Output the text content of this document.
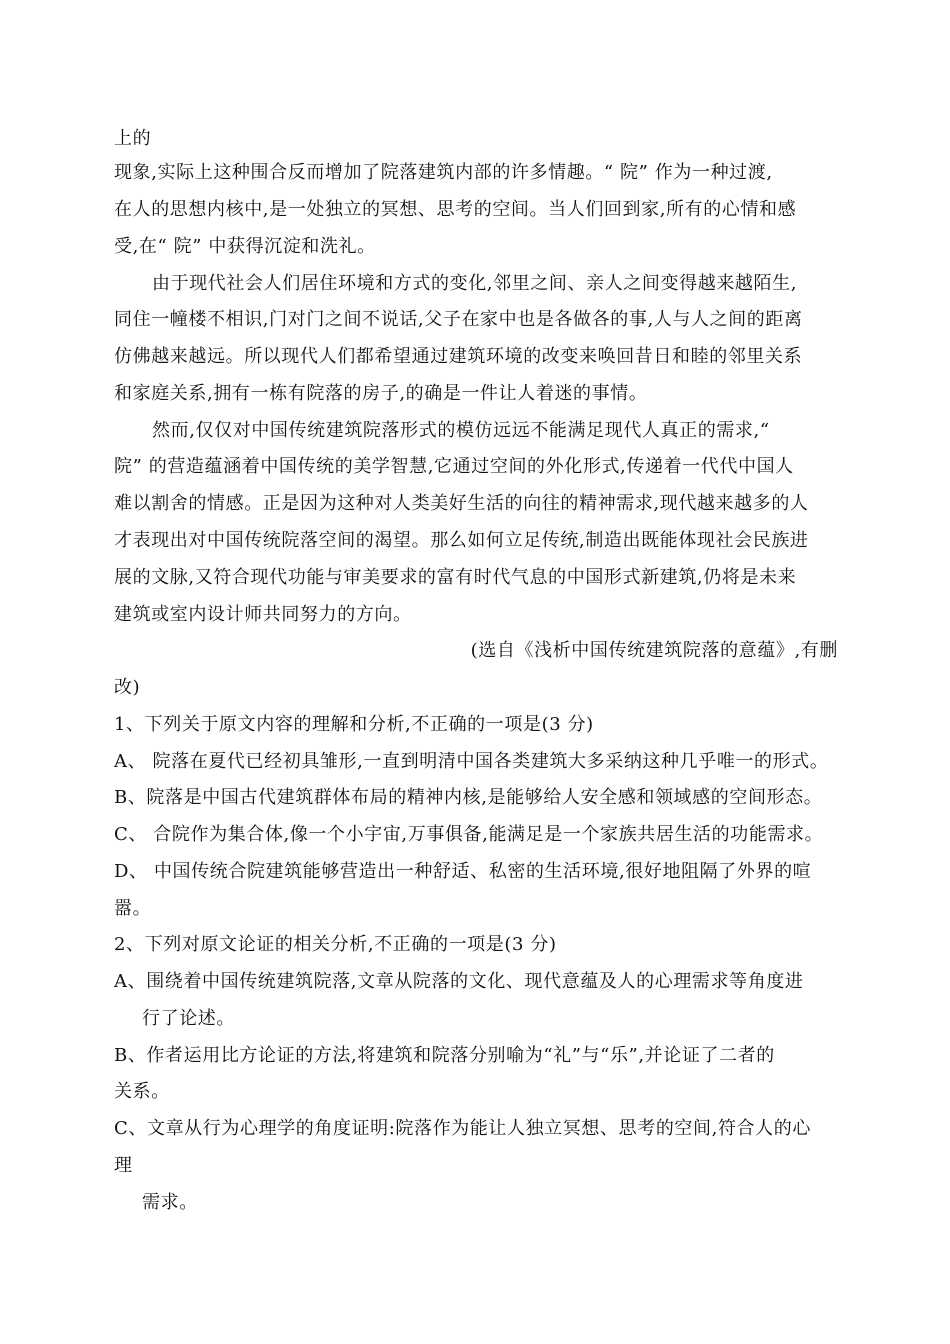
上的
现象,实际上这种围合反而增加了院落建筑内部的许多情趣。“ 院” 作为一种过渡,
在人的思想内核中,是一处独立的冥想、思考的空间。当人们回到家,所有的心情和感
受,在“ 院” 中获得沉淀和洗礼。
由于现代社会人们居住环境和方式的变化,邻里之间、亲人之间变得越来越陌生,
同住一幢楼不相识,门对门之间不说话,父子在家中也是各做各的事,人与人之间的距离
仿佛越来越远。所以现代人们都希望通过建筑环境的改变来唤回昔日和睦的邻里关系
和家庭关系,拥有一栋有院落的房子,的确是一件让人着迷的事情。
然而,仅仅对中国传统建筑院落形式的模仿远远不能满足现代人真正的需求,“
院” 的营造蕴涵着中国传统的美学智慧,它通过空间的外化形式,传递着一代代中国人
难以割舍的情感。正是因为这种对人类美好生活的向往的精神需求,现代越来越多的人
才表现出对中国传统院落空间的渴望。那么如何立足传统,制造出既能体现社会民族进
展的文脉,又符合现代功能与审美要求的富有时代气息的中国形式新建筑,仍将是未来
建筑或室内设计师共同努力的方向。
(选自《浅析中国传统建筑院落的意蕴》,有删
改)
1、下列关于原文内容的理解和分析,不正确的一项是(3 分)
A、 院落在夏代已经初具雏形,一直到明清中国各类建筑大多采纳这种几乎唯一的形式。
B、院落是中国古代建筑群体布局的精神内核,是能够给人安全感和领域感的空间形态。
C、 合院作为集合体,像一个小宇宙,万事俱备,能满足是一个家族共居生活的功能需求。
D、 中国传统合院建筑能够营造出一种舒适、私密的生活环境,很好地阻隔了外界的喧
嚣。
2、下列对原文论证的相关分析,不正确的一项是(3 分)
A、围绕着中国传统建筑院落,文章从院落的文化、现代意蕴及人的心理需求等角度进
行了论述。
B、作者运用比方论证的方法,将建筑和院落分别喻为“礼”与“乐”,并论证了二者的
关系。
C、文章从行为心理学的角度证明:院落作为能让人独立冥想、思考的空间,符合人的心
理
需求。
